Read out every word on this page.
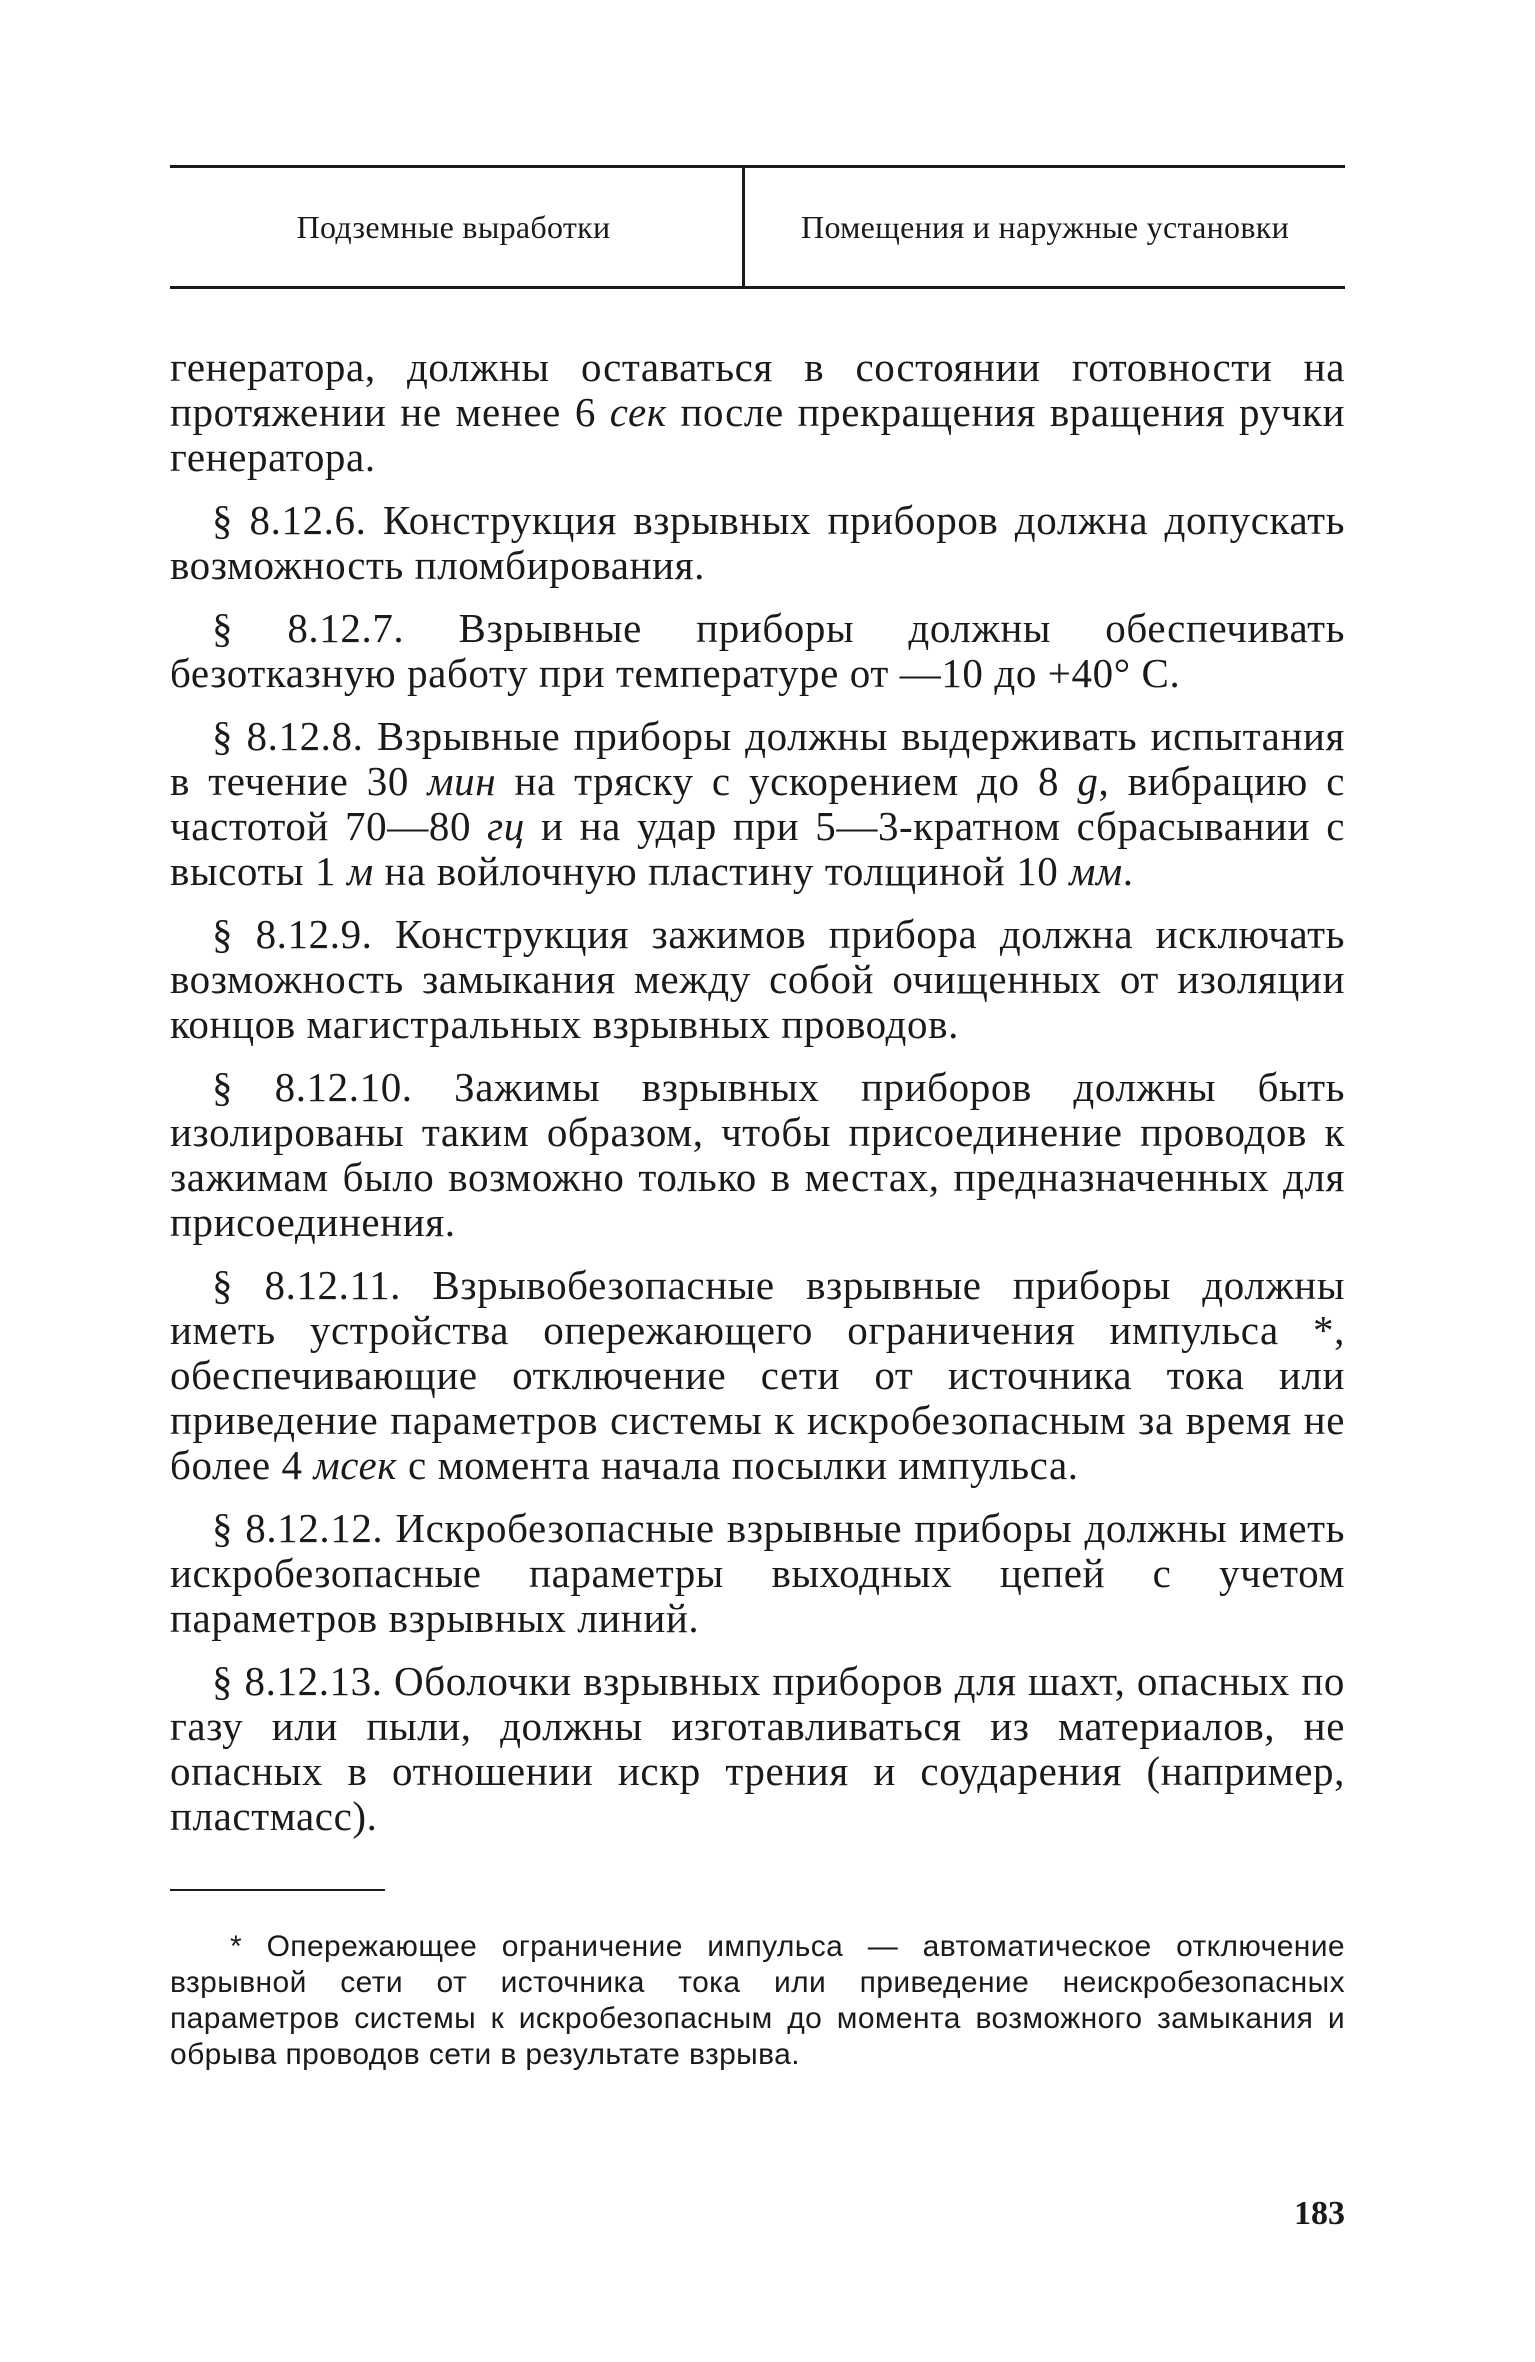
Подземные выработки	Помещения и наружные установки

генератора, должны оставаться в состоянии готовности на протяжении не менее 6 сек после прекращения вращения ручки генератора.

§ 8.12.6. Конструкция взрывных приборов должна допускать возможность пломбирования.

§ 8.12.7. Взрывные приборы должны обеспечивать безотказную работу при температуре от —10 до +40° С.

§ 8.12.8. Взрывные приборы должны выдерживать испытания в течение 30 мин на тряску с ускорением до 8 g, вибрацию с частотой 70—80 гц и на удар при 5—3-кратном сбрасывании с высоты 1 м на войлочную пластину толщиной 10 мм.

§ 8.12.9. Конструкция зажимов прибора должна исключать возможность замыкания между собой очищенных от изоляции концов магистральных взрывных проводов.

§ 8.12.10. Зажимы взрывных приборов должны быть изолированы таким образом, чтобы присоединение проводов к зажимам было возможно только в местах, предназначенных для присоединения.

§ 8.12.11. Взрывобезопасные взрывные приборы должны иметь устройства опережающего ограничения импульса *, обеспечивающие отключение сети от источника тока или приведение параметров системы к искробезопасным за время не более 4 мсек с момента начала посылки импульса.

§ 8.12.12. Искробезопасные взрывные приборы должны иметь искробезопасные параметры выходных цепей с учетом параметров взрывных линий.

§ 8.12.13. Оболочки взрывных приборов для шахт, опасных по газу или пыли, должны изготавливаться из материалов, не опасных в отношении искр трения и соударения (например, пластмасс).

* Опережающее ограничение импульса — автоматическое отключение взрывной сети от источника тока или приведение неискробезопасных параметров системы к искробезопасным до момента возможного замыкания и обрыва проводов сети в результате взрыва.
183
